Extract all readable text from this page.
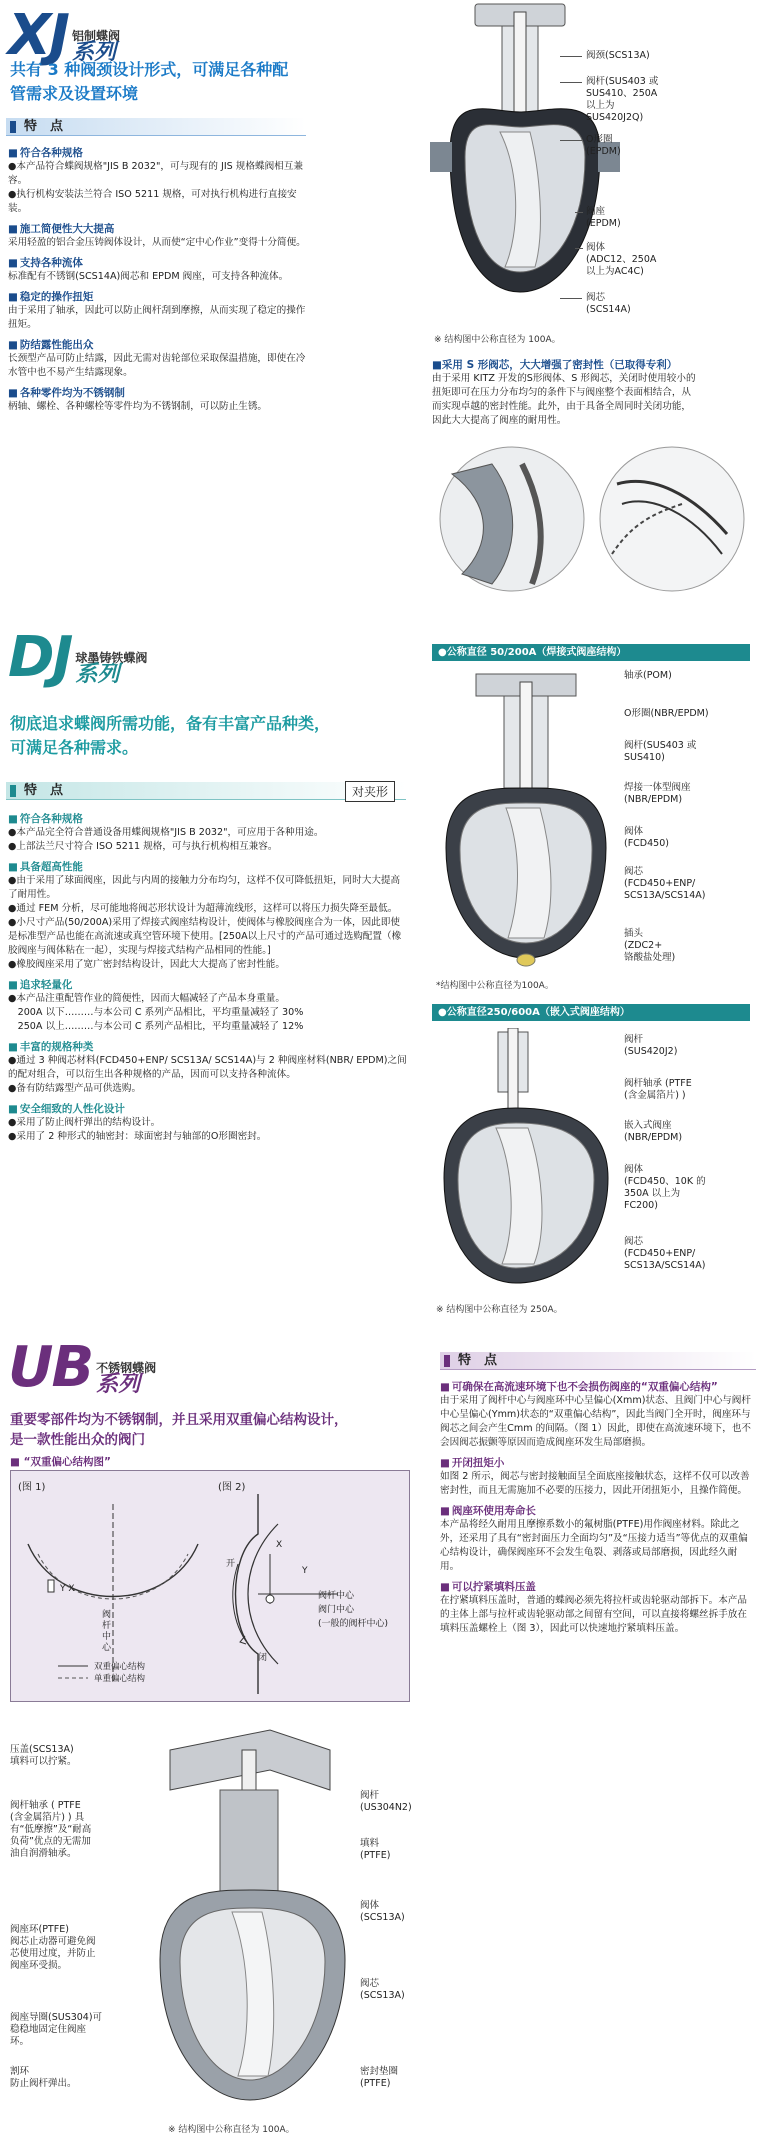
XJ 铝制蝶阀
系列
共有 3 种阀颈设计形式，可满足各种配
管需求及设置环境
特　点
■ 符合各种规格
●本产品符合蝶阀规格"JIS B 2032"，可与现有的 JIS 规格蝶阀相互兼容。
●执行机构安装法兰符合 ISO 5211 规格，可对执行机构进行直接安装。
■ 施工简便性大大提高
采用轻盈的铝合金压铸阀体设计，从而使“定中心作业”变得十分简便。
■ 支持各种流体
标准配有不锈钢(SCS14A)阀芯和 EPDM 阀座，可支持各种流体。
■ 稳定的操作扭矩
由于采用了轴承，因此可以防止阀杆刮到摩擦，从而实现了稳定的操作扭矩。
■ 防结露性能出众
长颈型产品可防止结露，因此无需对齿轮部位采取保温措施，即使在冷水管中也不易产生结露现象。
■ 各种零件均为不锈钢制
柄轴、螺栓、各种螺栓等零件均为不锈钢制，可以防止生锈。
阀颈(SCS13A)
阀杆(SUS403 或
SUS410、250A
以上为
SUS420J2Q)
O形圈
(EPDM)
阀座
(EPDM)
阀体
(ADC12、250A
以上为AC4C)
阀芯
(SCS14A)
※ 结构图中公称直径为 100A。
■采用 S 形阀芯，大大增强了密封性（已取得专利）
由于采用 KITZ 开发的S形阀体、S 形阀芯，关闭时使用较小的扭矩即可在压力分布均匀的条件下与阀座整个表面相结合，从而实现卓越的密封性能。此外，由于具备全周同时关闭功能，因此大大提高了阀座的耐用性。
DJ 球墨铸铁蝶阀
系列
彻底追求蝶阀所需功能，备有丰富产品种类，
可满足各种需求。
特　点	对夹形
■ 符合各种规格
●本产品完全符合普通设备用蝶阀规格"JIS B 2032"，可应用于各种用途。
●上部法兰尺寸符合 ISO 5211 规格，可与执行机构相互兼容。
■ 具备超高性能
●由于采用了球面阀座，因此与内周的接触力分布均匀，这样不仅可降低扭矩，同时大大提高了耐用性。
●通过 FEM 分析，尽可能地将阀芯形状设计为超薄流线形，这样可以将压力损失降至最低。
●小尺寸产品(50/200A)采用了焊接式阀座结构设计，使阀体与橡胶阀座合为一体，因此即使是标准型产品也能在高流速或真空管环境下使用。[250A以上尺寸的产品可通过选购配置（橡胶阀座与阀体粘在一起），实现与焊接式结构产品相同的性能。]
●橡胶阀座采用了宽广密封结构设计，因此大大提高了密封性能。
■ 追求轻量化
●本产品注重配管作业的简便性，因而大幅减轻了产品本身重量。
　200A 以下………与本公司 C 系列产品相比，平均重量减轻了 30%
　250A 以上………与本公司 C 系列产品相比，平均重量减轻了 12%
■ 丰富的规格种类
●通过 3 种阀芯材料(FCD450+ENP/ SCS13A/ SCS14A)与 2 种阀座材料(NBR/ EPDM)之间的配对组合，可以衍生出各种规格的产品，因而可以支持各种流体。
●备有防结露型产品可供选购。
■ 安全细致的人性化设计
●采用了防止阀杆弹出的结构设计。
●采用了 2 种形式的轴密封：球面密封与轴部的O形圈密封。
●公称直径 50/200A（焊接式阀座结构）
轴承(POM)
O形圈(NBR/EPDM)
阀杆(SUS403 或
SUS410)
焊接一体型阀座
(NBR/EPDM)
阀体
(FCD450)
阀芯
(FCD450+ENP/
SCS13A/SCS14A)
插头
(ZDC2+
铬酸盐处理)
*结构图中公称直径为100A。
●公称直径250/600A（嵌入式阀座结构）
阀杆
(SUS420J2)
阀杆轴承 (PTFE
(含金属箔片) )
嵌入式阀座
(NBR/EPDM)
阀体
(FCD450、10K 的
350A 以上为
FC200)
阀芯
(FCD450+ENP/
SCS13A/SCS14A)
※ 结构图中公称直径为 250A。
UB 不锈钢蝶阀
系列
重要零部件均为不锈钢制，并且采用双重偏心结构设计，
是一款性能出众的阀门
■ “双重偏心结构图”
(图 1)	(图 2)
阀
杆
中
心
Y X
双重偏心结构
单重偏心结构
开
闭
阀杆中心
阀门中心
(一般的阀杆中心)
X
Y
特　点
■ 可确保在高流速环境下也不会损伤阀座的“双重偏心结构”
由于采用了阀杆中心与阀座环中心呈偏心(Xmm)状态、且阀门中心与阀杆中心呈偏心(Ymm)状态的“双重偏心结构”，因此当阀门全开时，阀座环与阀芯之间会产生Cmm 的间隔。（图 1）因此，即使在高流速环境下，也不会因阀芯振颤等原因而造成阀座环发生局部磨损。
■ 开闭扭矩小
如图 2 所示，阀芯与密封接触面呈全面底座接触状态，这样不仅可以改善密封性，而且无需施加不必要的压接力，因此开闭扭矩小，且操作简便。
■ 阀座环使用寿命长
本产品将经久耐用且摩擦系数小的氟树脂(PTFE)用作阀座材料。除此之外，还采用了具有“密封面压力全面均匀”及“压接力适当”等优点的双重偏心结构设计，确保阀座环不会发生龟裂、剥落或局部磨损，因此经久耐用。
■ 可以拧紧填料压盖
在拧紧填料压盖时，普通的蝶阀必须先将拉杆或齿轮驱动部拆下。本产品的主体上部与拉杆或齿轮驱动部之间留有空间，可以直接将螺丝拆手放在填料压盖螺栓上（图 3），因此可以快速地拧紧填料压盖。
压盖(SCS13A)
填料可以拧紧。
阀杆轴承 ( PTFE
(含金属箔片) ) 具
有“低摩擦”及“耐高
负荷”优点的无需加
油自润滑轴承。
阀座环(PTFE)
阀芯止动器可避免阀
芯使用过度，并防止
阀座环受损。
阀座导圈(SUS304)可
稳稳地固定住阀座
环。
割环
防止阀杆弹出。
阀杆
(US304N2)
填料
(PTFE)
阀体
(SCS13A)
阀芯
(SCS13A)
密封垫圈
(PTFE)
※ 结构图中公称直径为 100A。
